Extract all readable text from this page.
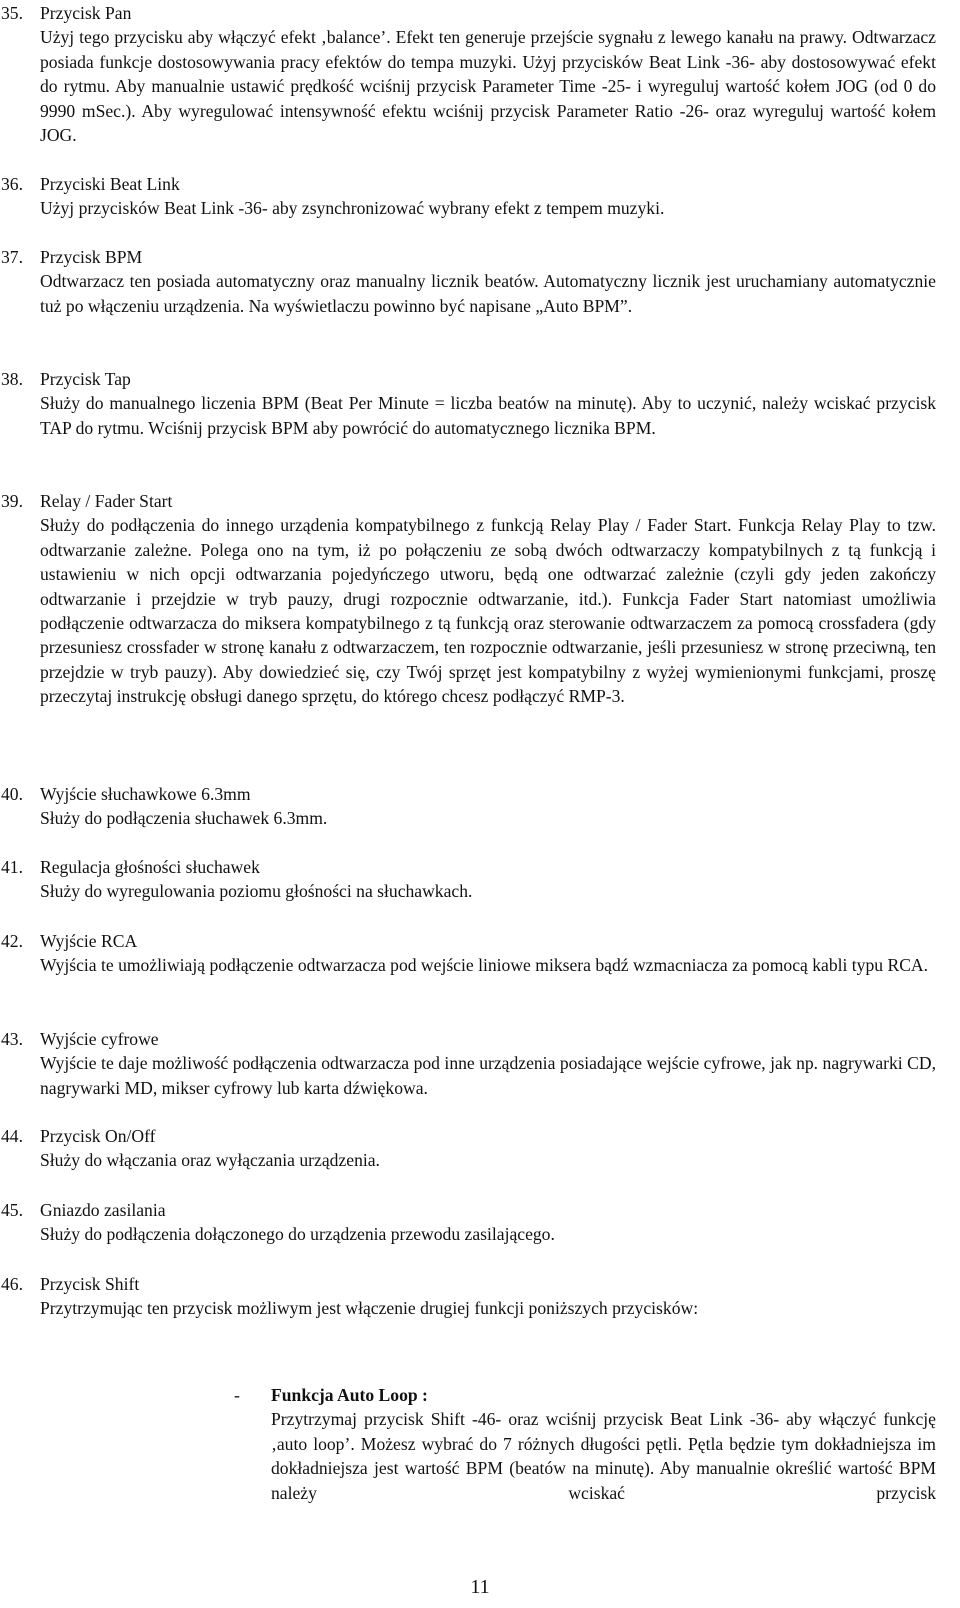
35. Przycisk Pan
Użyj tego przycisku aby włączyć efekt ‚balance’. Efekt ten generuje przejście sygnału z lewego kanału na prawy. Odtwarzacz posiada funkcje dostosowywania pracy efektów do tempa muzyki. Użyj przycisków Beat Link -36- aby dostosowywać efekt do rytmu. Aby manualnie ustawić prędkość wciśnij przycisk Parameter Time -25- i wyreguluj wartość kołem JOG (od 0 do 9990 mSec.). Aby wyregulować intensywność efektu wciśnij przycisk Parameter Ratio -26- oraz wyreguluj wartość kołem JOG.
36. Przyciski Beat Link
Użyj przycisków Beat Link -36- aby zsynchronizować wybrany efekt z tempem muzyki.
37. Przycisk BPM
Odtwarzacz ten posiada automatyczny oraz manualny licznik beatów. Automatyczny licznik jest uruchamiany automatycznie tuż po włączeniu urządzenia. Na wyświetlaczu powinno być napisane „Auto BPM”.
38. Przycisk Tap
Służy do manualnego liczenia BPM (Beat Per Minute = liczba beatów na minutę). Aby to uczynić, należy wciskać przycisk TAP do rytmu. Wciśnij przycisk BPM aby powrócić do automatycznego licznika BPM.
39. Relay / Fader Start
Służy do podłączenia do innego urządenia kompatybilnego z funkcją Relay Play / Fader Start. Funkcja Relay Play to tzw. odtwarzanie zależne. Polega ono na tym, iż po połączeniu ze sobą dwóch odtwarzaczy kompatybilnych z tą funkcją i ustawieniu w nich opcji odtwarzania pojedyńczego utworu, będą one odtwarzać zależnie (czyli gdy jeden zakończy odtwarzanie i przejdzie w tryb pauzy, drugi rozpocznie odtwarzanie, itd.). Funkcja Fader Start natomiast umożliwia podłączenie odtwarzacza do miksera kompatybilnego z tą funkcją oraz sterowanie odtwarzaczem za pomocą crossfadera (gdy przesuniesz crossfader w stronę kanału z odtwarzaczem, ten rozpocznie odtwarzanie, jeśli przesuniesz w stronę przeciwną, ten przejdzie w tryb pauzy). Aby dowiedzieć się, czy Twój sprzęt jest kompatybilny z wyżej wymienionymi funkcjami, proszę przeczytaj instrukcję obsługi danego sprzętu, do którego chcesz podłączyć RMP-3.
40. Wyjście słuchawkowe 6.3mm
Służy do podłączenia słuchawek 6.3mm.
41. Regulacja głośności słuchawek
Służy do wyregulowania poziomu głośności na słuchawkach.
42. Wyjście RCA
Wyjścia te umożliwiają podłączenie odtwarzacza pod wejście liniowe miksera bądź wzmacniacza za pomocą kabli typu RCA.
43. Wyjście cyfrowe
Wyjście te daje możliwość podłączenia odtwarzacza pod inne urządzenia posiadające wejście cyfrowe, jak np. nagrywarki CD, nagrywarki MD, mikser cyfrowy lub karta dźwiękowa.
44. Przycisk On/Off
Służy do włączania oraz wyłączania urządzenia.
45. Gniazdo zasilania
Służy do podłączenia dołączonego do urządzenia przewodu zasilającego.
46. Przycisk Shift
Przytrzymując ten przycisk możliwym jest włączenie drugiej funkcji poniższych przycisków:
- Funkcja Auto Loop :
Przytrzymaj przycisk Shift -46- oraz wciśnij przycisk Beat Link -36- aby włączyć funkcję ‚auto loop’. Możesz wybrać do 7 różnych długości pętli. Pętla będzie tym dokładniejsza im dokładniejsza jest wartość BPM (beatów na minutę). Aby manualnie określić wartość BPM należy wciskać przycisk
11
